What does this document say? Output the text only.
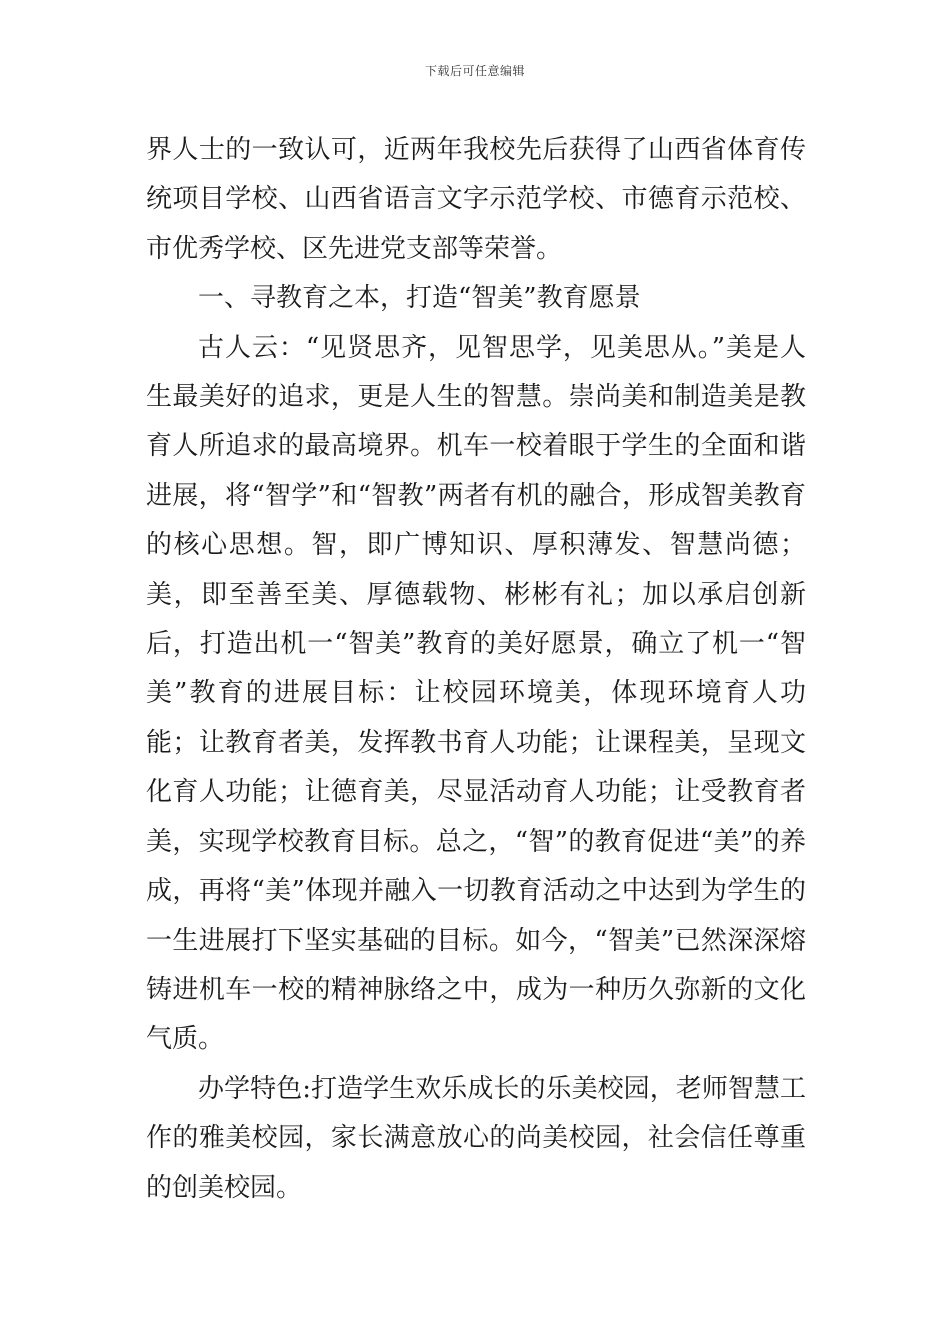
下载后可任意编辑

界人士的一致认可，近两年我校先后获得了山西省体育传统项目学校、山西省语言文字示范学校、市德育示范校、市优秀学校、区先进党支部等荣誉。

一、寻教育之本，打造“智美”教育愿景

古人云：“见贤思齐，见智思学，见美思从。”美是人生最美好的追求，更是人生的智慧。崇尚美和制造美是教育人所追求的最高境界。机车一校着眼于学生的全面和谐进展，将“智学”和“智教”两者有机的融合，形成智美教育的核心思想。智，即广博知识、厚积薄发、智慧尚德；美，即至善至美、厚德载物、彬彬有礼；加以承启创新后，打造出机一“智美”教育的美好愿景，确立了机一“智美”教育的进展目标：让校园环境美，体现环境育人功能；让教育者美，发挥教书育人功能；让课程美，呈现文化育人功能；让德育美，尽显活动育人功能；让受教育者美，实现学校教育目标。总之，“智”的教育促进“美”的养成，再将“美”体现并融入一切教育活动之中达到为学生的一生进展打下坚实基础的目标。如今，“智美”已然深深熔铸进机车一校的精神脉络之中，成为一种历久弥新的文化气质。

办学特色:打造学生欢乐成长的乐美校园，老师智慧工作的雅美校园，家长满意放心的尚美校园，社会信任尊重的创美校园。
